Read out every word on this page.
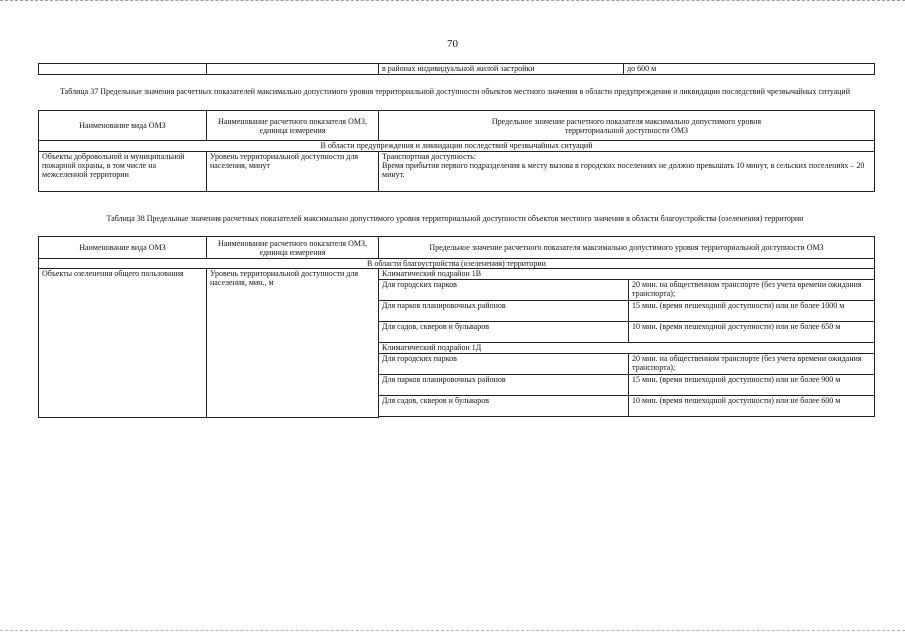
70
		в районах индивидуальной жилой застройки	до 600 м
Таблица 37 Предельные значения расчетных показателей максимально допустимого уровня территориальной доступности объектов местного значения в области предупреждения и ликвидации последствий чрезвычайных ситуаций
Наименование вида ОМЗ	Наименование расчетного показателя ОМЗ, единица измерения	Предельное значение расчетного показателя максимально допустимого уровня территориальной доступности ОМЗ
В области предупреждения и ликвидации последствий чрезвычайных ситуаций		
Объекты добровольной и муниципальной пожарной охраны, в том числе на межселенной территории	Уровень территориальной доступности для населения, минут	Транспортная доступность:
Время прибытия первого подразделения к месту вызова в городских поселениях не должно превышать 10 минут, в сельских поселениях – 20 минут.
Таблица 38 Предельные значения расчетных показателей максимально допустимого уровня территориальной доступности объектов местного значения в области благоустройства (озеленения) территории
Наименование вида ОМЗ	Наименование расчетного показателя ОМЗ, единица измерения	Предельное значение расчетного показателя максимально допустимого уровня территориальной доступности ОМЗ	
В области благоустройства (озеленения) территории			
Объекты озеленения общего пользования	Уровень территориальной доступности для населения, мин., м	Климатический подрайон 1В	
		Для городских парков	20 мин. на общественном транспорте (без учета времени ожидания транспорта);
		Для парков планировочных районов	15 мин. (время пешеходной доступности) или не более 1000 м
		Для садов, скверов и бульваров	10 мин. (время пешеходной доступности) или не более 650 м
		Климатический подрайон 1Д	
		Для городских парков	20 мин. на общественном транспорте (без учета времени ожидания транспорта);
		Для парков планировочных районов	15 мин. (время пешеходной доступности) или не более 900 м
		Для садов, скверов и бульваров	10 мин. (время пешеходной доступности) или не более 600 м
